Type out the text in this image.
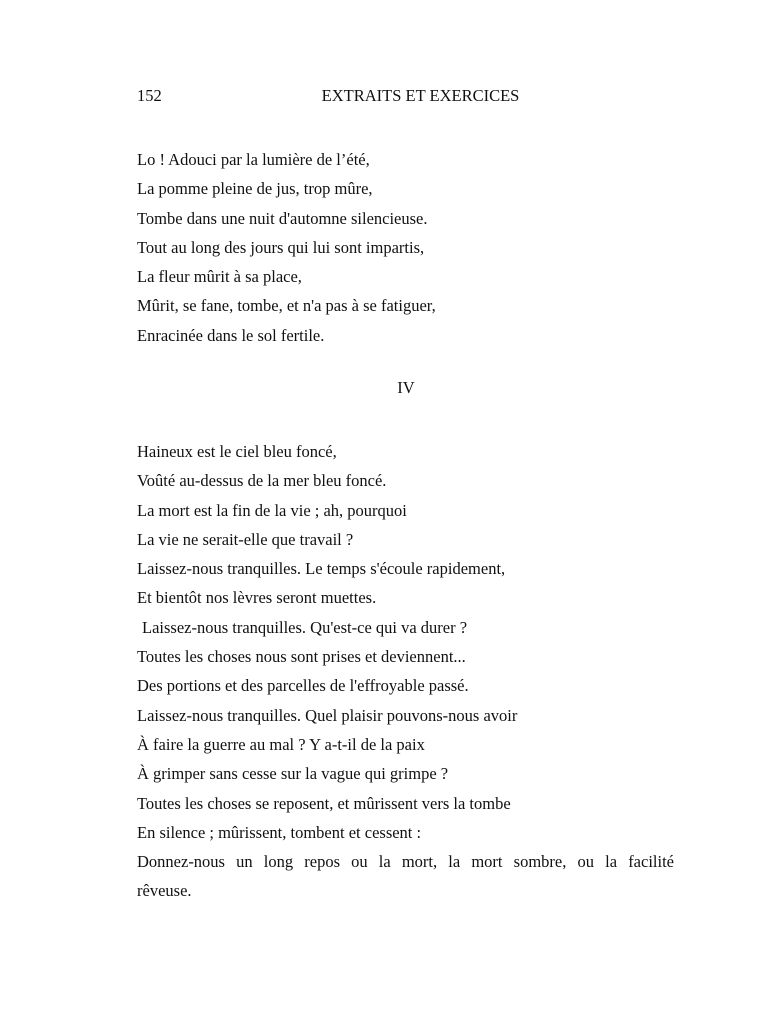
152	EXTRAITS ET EXERCICES
Lo ! Adouci par la lumière de l’été,
La pomme pleine de jus, trop mûre,
Tombe dans une nuit d'automne silencieuse.
Tout au long des jours qui lui sont impartis,
La fleur mûrit à sa place,
Mûrit, se fane, tombe, et n'a pas à se fatiguer,
Enracinée dans le sol fertile.
IV
Haineux est le ciel bleu foncé,
Voûté au-dessus de la mer bleu foncé.
La mort est la fin de la vie ; ah, pourquoi
La vie ne serait-elle que travail ?
Laissez-nous tranquilles. Le temps s'écoule rapidement,
Et bientôt nos lèvres seront muettes.
Laissez-nous tranquilles. Qu'est-ce qui va durer ?
Toutes les choses nous sont prises et deviennent...
Des portions et des parcelles de l'effroyable passé.
Laissez-nous tranquilles. Quel plaisir pouvons-nous avoir
À faire la guerre au mal ? Y a-t-il de la paix
À grimper sans cesse sur la vague qui grimpe ?
Toutes les choses se reposent, et mûrissent vers la tombe
En silence ; mûrissent, tombent et cessent :
Donnez-nous un long repos ou la mort, la mort sombre, ou la facilité
rêveuse.
